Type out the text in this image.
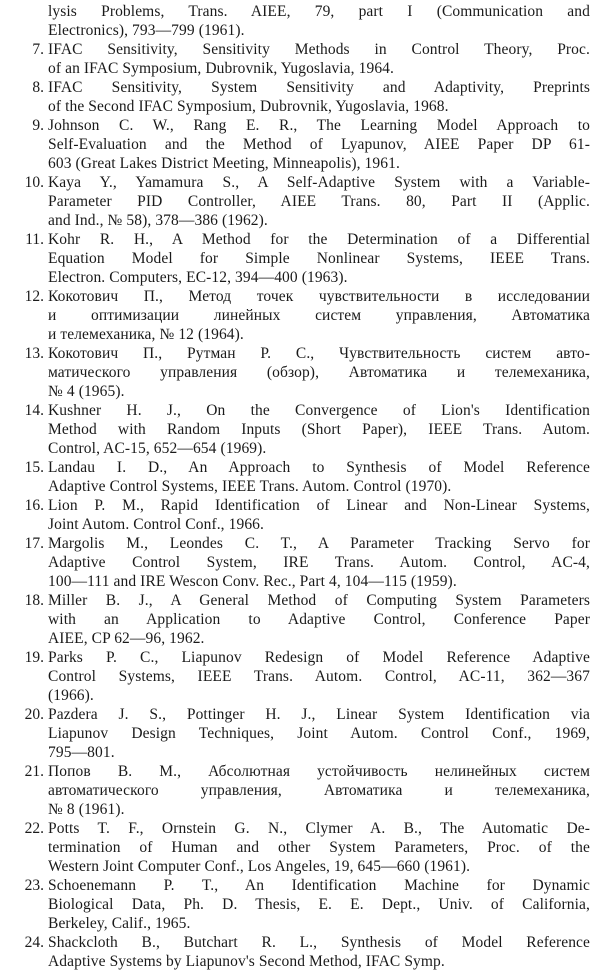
lysis Problems, Trans. AIEE, 79, part I (Communication and
Electronics), 793—799 (1961).
7. IFAC Sensitivity, Sensitivity Methods in Control Theory, Proc.
of an IFAC Symposium, Dubrovnik, Yugoslavia, 1964.
8. IFAC Sensitivity, System Sensitivity and Adaptivity, Preprints
of the Second IFAC Symposium, Dubrovnik, Yugoslavia, 1968.
9. Johnson C. W., Rang E. R., The Learning Model Approach to
Self-Evaluation and the Method of Lyapunov, AIEE Paper DP 61-
603 (Great Lakes District Meeting, Minneapolis), 1961.
10. Kaya Y., Yamamura S., A Self-Adaptive System with a Variable-
Parameter PID Controller, AIEE Trans. 80, Part II (Applic.
and Ind., № 58), 378—386 (1962).
11. Kohr R. H., A Method for the Determination of a Differential
Equation Model for Simple Nonlinear Systems, IEEE Trans.
Electron. Computers, EC-12, 394—400 (1963).
12. Кокотович П., Метод точек чувствительности в исследовании
и оптимизации линейных систем управления, Автоматика
и телемеханика, № 12 (1964).
13. Кокотович П., Рутман Р. С., Чувствительность систем авто-
матического управления (обзор), Автоматика и телемеханика,
№ 4 (1965).
14. Kushner H. J., On the Convergence of Lion's Identification
Method with Random Inputs (Short Paper), IEEE Trans. Autom.
Control, AC-15, 652—654 (1969).
15. Landau I. D., An Approach to Synthesis of Model Reference
Adaptive Control Systems, IEEE Trans. Autom. Control (1970).
16. Lion P. M., Rapid Identification of Linear and Non-Linear Systems,
Joint Autom. Control Conf., 1966.
17. Margolis M., Leondes C. T., A Parameter Tracking Servo for
Adaptive Control System, IRE Trans. Autom. Control, AC-4,
100—111 and IRE Wescon Conv. Rec., Part 4, 104—115 (1959).
18. Miller B. J., A General Method of Computing System Parameters
with an Application to Adaptive Control, Conference Paper
AIEE, CP 62—96, 1962.
19. Parks P. C., Liapunov Redesign of Model Reference Adaptive
Control Systems, IEEE Trans. Autom. Control, AC-11, 362—367
(1966).
20. Pazdera J. S., Pottinger H. J., Linear System Identification via
Liapunov Design Techniques, Joint Autom. Control Conf., 1969,
795—801.
21. Попов В. М., Абсолютная устойчивость нелинейных систем
автоматического управления, Автоматика и телемеханика,
№ 8 (1961).
22. Potts T. F., Ornstein G. N., Clymer A. B., The Automatic De-
termination of Human and other System Parameters, Proc. of the
Western Joint Computer Conf., Los Angeles, 19, 645—660 (1961).
23. Schoenemann P. T., An Identification Machine for Dynamic
Biological Data, Ph. D. Thesis, E. E. Dept., Univ. of California,
Berkeley, Calif., 1965.
24. Shackcloth B., Butchart R. L., Synthesis of Model Reference
Adaptive Systems by Liapunov's Second Method, IFAC Symp.
